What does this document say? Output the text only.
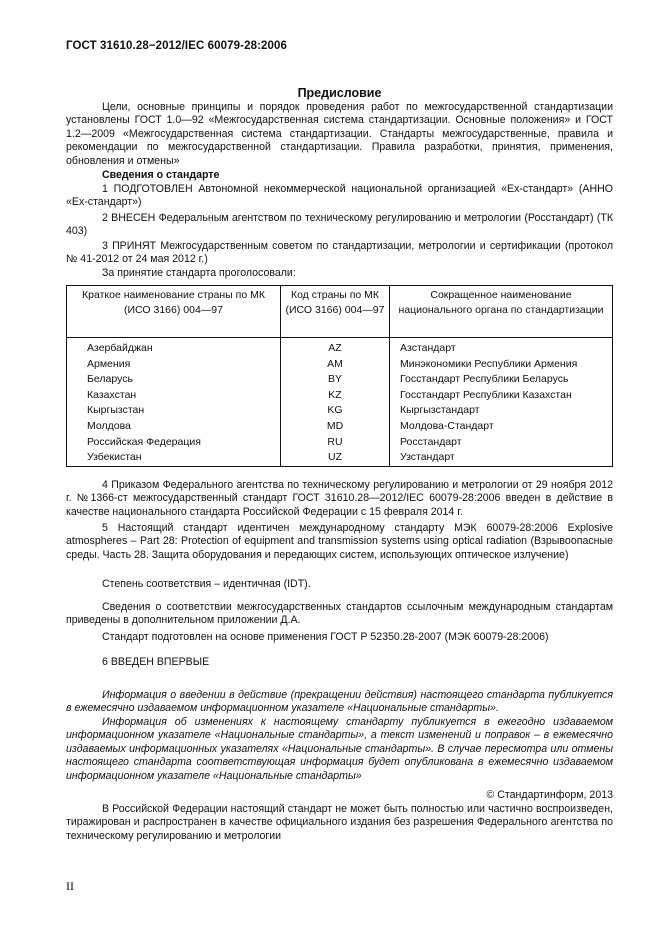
ГОСТ 31610.28−2012/IEC 60079-28:2006
Предисловие

Цели, основные принципы и порядок проведения работ по межгосударственной стандартизации установлены ГОСТ 1.0—92 «Межгосударственная система стандартизации. Основные положения» и ГОСТ 1.2—2009 «Межгосударственная система стандартизации. Стандарты межгосударственные, правила и рекомендации по межгосударственной стандартизации. Правила разработки, принятия, применения, обновления и отмены»

Сведения о стандарте

1 ПОДГОТОВЛЕН Автономной некоммерческой национальной организацией «Ex-стандарт» (АННО «Ex-стандарт»)

2 ВНЕСЕН Федеральным агентством по техническому регулированию и метрологии (Росстандарт) (ТК 403)

3 ПРИНЯТ Межгосударственным советом по стандартизации, метрологии и сертификации (протокол № 41-2012 от 24 мая 2012 г.)

За принятие стандарта проголосовали:

Краткое наименование страны по МК (ИСО 3166) 004—97	Код страны по МК (ИСО 3166) 004—97	Сокращенное наименование национального органа по стандартизации
Азербайджан	AZ	Азстандарт
Армения	AM	Минэкономики Республики Армения
Беларусь	BY	Госстандарт Республики Беларусь
Казахстан	KZ	Госстандарт Республики Казахстан
Кыргызстан	KG	Кыргызстандарт
Молдова	MD	Молдова-Стандарт
Российская Федерация	RU	Росстандарт
Узбекистан	UZ	Узстандарт

4 Приказом Федерального агентства по техническому регулированию и метрологии от 29 ноября 2012 г. №1366-ст межгосударственный стандарт ГОСТ 31610.28—2012/IEC 60079-28:2006 введен в действие в качестве национального стандарта Российской Федерации с 15 февраля 2014 г.

5 Настоящий стандарт идентичен международному стандарту МЭК 60079-28:2006 Explosive atmospheres – Part 28: Protection of equipment and transmission systems using optical radiation (Взрывоопасные среды. Часть 28. Защита оборудования и передающих систем, использующих оптическое излучение)

Степень соответствия – идентичная (IDT).

Сведения о соответствии межгосударственных стандартов ссылочным международным стандартам приведены в дополнительном приложении Д.А.

Стандарт подготовлен на основе применения ГОСТ Р 52350.28-2007 (МЭК 60079-28:2006)

6 ВВЕДЕН ВПЕРВЫЕ

Информация о введении в действие (прекращении действия) настоящего стандарта публикуется в ежемесячно издаваемом информационном указателе «Национальные стандарты».

Информация об изменениях к настоящему стандарту публикуется в ежегодно издаваемом информационном указателе «Национальные стандарты», а текст изменений и поправок – в ежемесячно издаваемых информационных указателях «Национальные стандарты». В случае пересмотра или отмены настоящего стандарта соответствующая информация будет опубликована в ежемесячно издаваемом информационном указателе «Национальные стандарты»

© Стандартинформ, 2013

В Российской Федерации настоящий стандарт не может быть полностью или частично воспроизведен, тиражирован и распространен в качестве официального издания без разрешения Федерального агентства по техническому регулированию и метрологии

II
